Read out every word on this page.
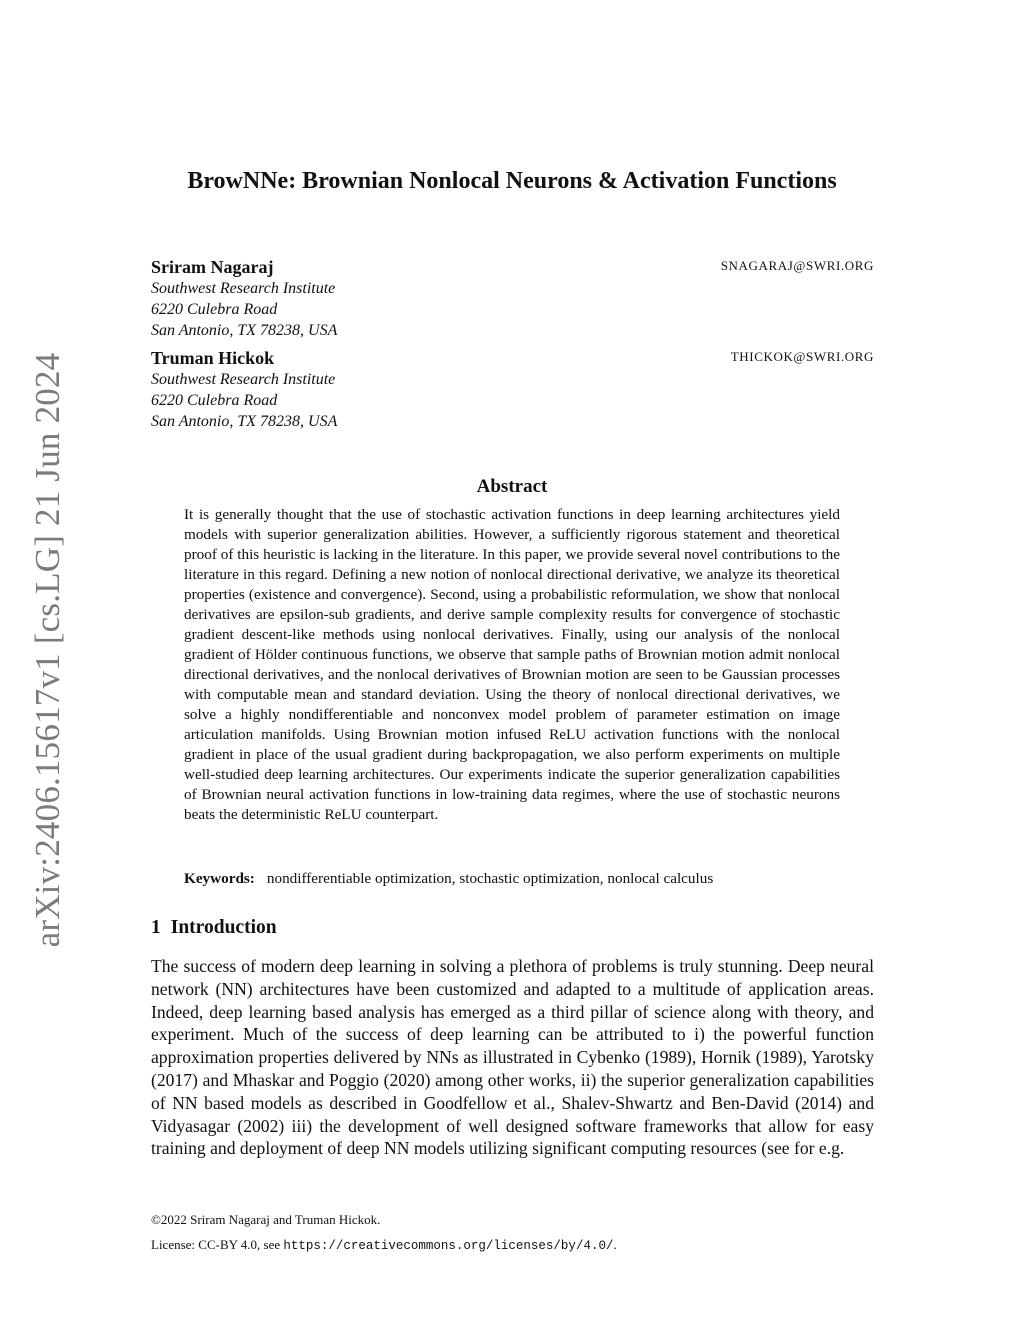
arXiv:2406.15617v1 [cs.LG] 21 Jun 2024
BrowNNe: Brownian Nonlocal Neurons & Activation Functions
Sriram Nagaraj	SNAGARAJ@SWRI.ORG
Southwest Research Institute
6220 Culebra Road
San Antonio, TX 78238, USA
Truman Hickok	THICKOK@SWRI.ORG
Southwest Research Institute
6220 Culebra Road
San Antonio, TX 78238, USA
Abstract
It is generally thought that the use of stochastic activation functions in deep learning architectures yield models with superior generalization abilities. However, a sufficiently rigorous statement and theoretical proof of this heuristic is lacking in the literature. In this paper, we provide several novel contributions to the literature in this regard. Defining a new notion of nonlocal directional derivative, we analyze its theoretical properties (existence and convergence). Second, using a probabilistic reformulation, we show that nonlocal derivatives are epsilon-sub gradients, and derive sample complexity results for convergence of stochastic gradient descent-like methods using nonlocal derivatives. Finally, using our analysis of the nonlocal gradient of Hölder continuous functions, we observe that sample paths of Brownian motion admit nonlocal directional derivatives, and the nonlocal derivatives of Brownian motion are seen to be Gaussian processes with computable mean and standard deviation. Using the theory of nonlocal directional derivatives, we solve a highly nondifferentiable and nonconvex model problem of parameter estimation on image articulation manifolds. Using Brownian motion infused ReLU activation functions with the nonlocal gradient in place of the usual gradient during backpropagation, we also perform experiments on multiple well-studied deep learning architectures. Our experiments indicate the superior generalization capabilities of Brownian neural activation functions in low-training data regimes, where the use of stochastic neurons beats the deterministic ReLU counterpart.
Keywords: nondifferentiable optimization, stochastic optimization, nonlocal calculus
1 Introduction
The success of modern deep learning in solving a plethora of problems is truly stunning. Deep neural network (NN) architectures have been customized and adapted to a multitude of application areas. Indeed, deep learning based analysis has emerged as a third pillar of science along with theory, and experiment. Much of the success of deep learning can be attributed to i) the powerful function approximation properties delivered by NNs as illustrated in Cybenko (1989), Hornik (1989), Yarotsky (2017) and Mhaskar and Poggio (2020) among other works, ii) the superior generalization capabilities of NN based models as described in Goodfellow et al., Shalev-Shwartz and Ben-David (2014) and Vidyasagar (2002) iii) the development of well designed software frameworks that allow for easy training and deployment of deep NN models utilizing significant computing resources (see for e.g.
©2022 Sriram Nagaraj and Truman Hickok.
License: CC-BY 4.0, see https://creativecommons.org/licenses/by/4.0/.
